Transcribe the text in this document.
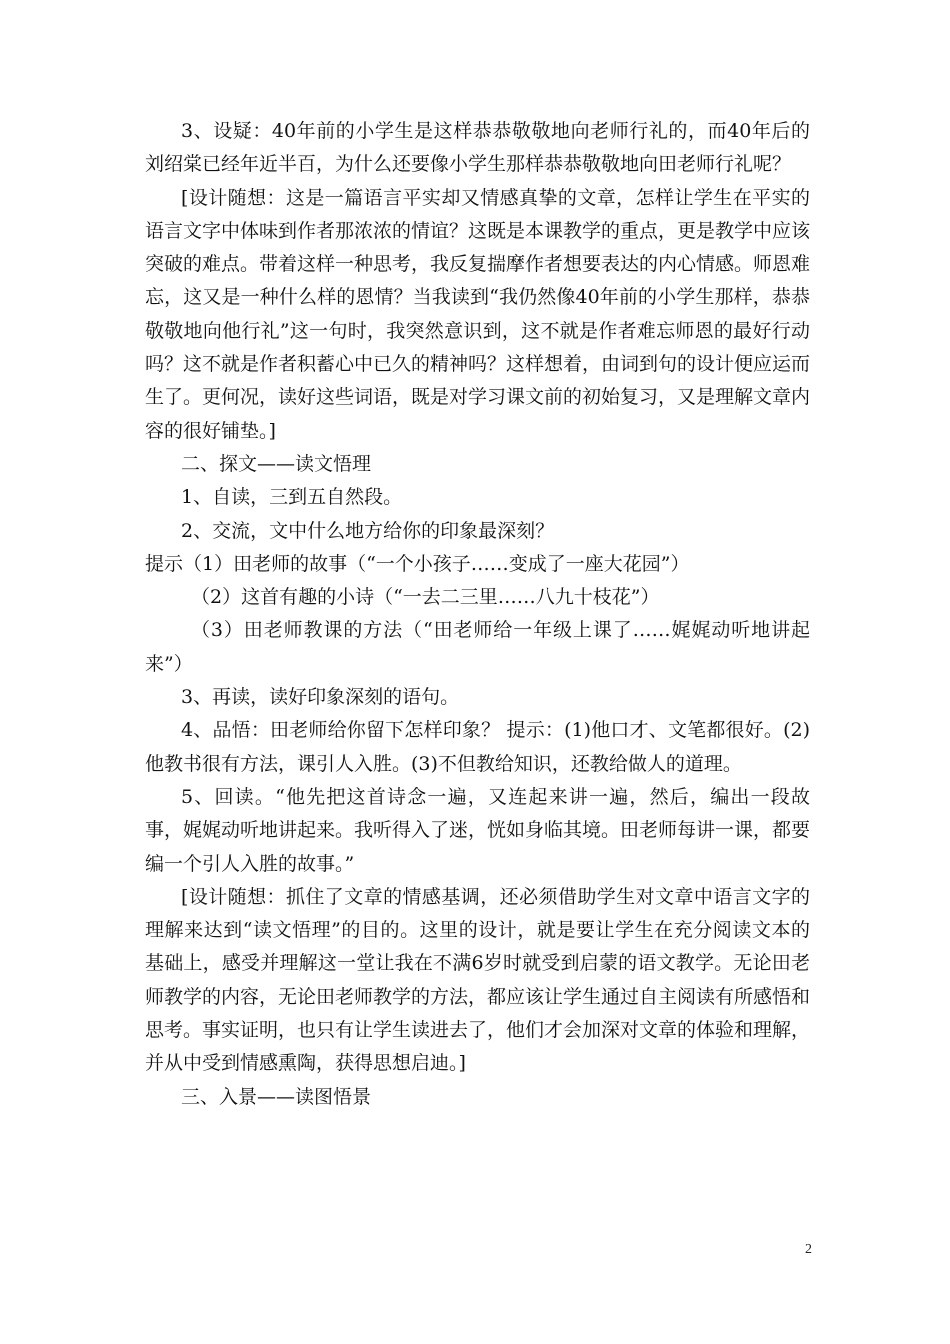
3、设疑：40年前的小学生是这样恭恭敬敬地向老师行礼的，而40年后的刘绍棠已经年近半百，为什么还要像小学生那样恭恭敬敬地向田老师行礼呢？

[设计随想：这是一篇语言平实却又情感真挚的文章，怎样让学生在平实的语言文字中体味到作者那浓浓的情谊？这既是本课教学的重点，更是教学中应该突破的难点。带着这样一种思考，我反复揣摩作者想要表达的内心情感。师恩难忘，这又是一种什么样的恩情？当我读到“我仍然像40年前的小学生那样，恭恭敬敬地向他行礼”这一句时，我突然意识到，这不就是作者难忘师恩的最好行动吗？这不就是作者积蓄心中已久的精神吗？这样想着，由词到句的设计便应运而生了。更何况，读好这些词语，既是对学习课文前的初始复习，又是理解文章内容的很好铺垫。]

二、探文——读文悟理

1、自读，三到五自然段。

2、交流，文中什么地方给你的印象最深刻？

提示（1）田老师的故事（“一个小孩子……变成了一座大花园”）

（2）这首有趣的小诗（“一去二三里……八九十枝花”）

（3）田老师教课的方法（“田老师给一年级上课了……娓娓动听地讲起来”）

3、再读，读好印象深刻的语句。

4、品悟：田老师给你留下怎样印象？ 提示：(1)他口才、文笔都很好。(2)他教书很有方法，课引人入胜。(3)不但教给知识，还教给做人的道理。

5、回读。“他先把这首诗念一遍，又连起来讲一遍，然后，编出一段故事，娓娓动听地讲起来。我听得入了迷，恍如身临其境。田老师每讲一课，都要编一个引人入胜的故事。”

[设计随想：抓住了文章的情感基调，还必须借助学生对文章中语言文字的理解来达到“读文悟理”的目的。这里的设计，就是要让学生在充分阅读文本的基础上，感受并理解这一堂让我在不满6岁时就受到启蒙的语文教学。无论田老师教学的内容，无论田老师教学的方法，都应该让学生通过自主阅读有所感悟和思考。事实证明，也只有让学生读进去了，他们才会加深对文章的体验和理解，并从中受到情感熏陶，获得思想启迪。]

三、入景——读图悟景

2
